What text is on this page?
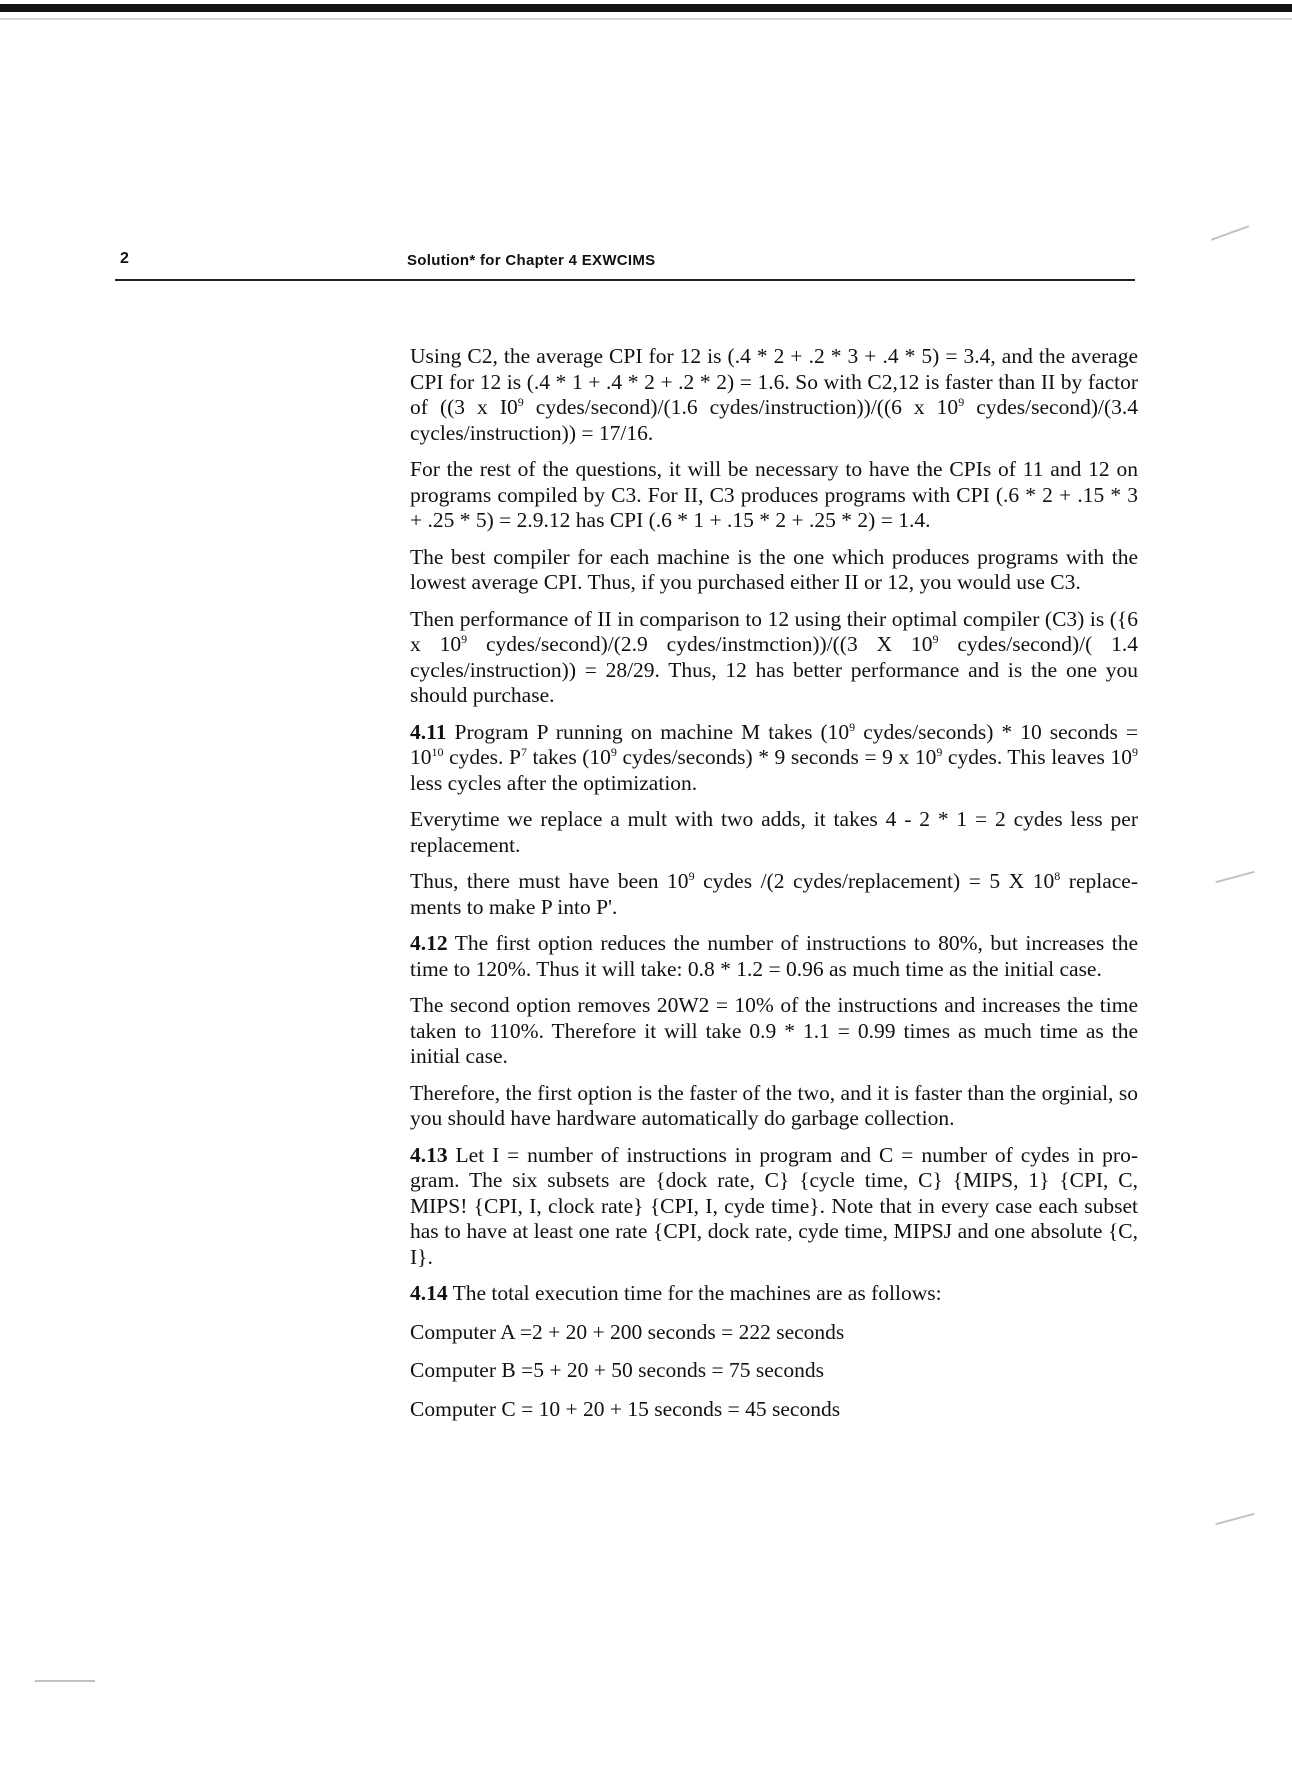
2	Solution* for Chapter 4 EXWCIMS

Using C2, the average CPI for 12 is (.4 * 2 + .2 * 3 + .4 * 5) = 3.4, and the average CPI for 12 is (.4 * 1 + .4 * 2 + .2 * 2) = 1.6. So with C2,12 is faster than II by factor of ((3 x $I0^9$ cydes/second)/(1.6 cydes/instruction))/((6 x $10^9$ cydes/second)/(3.4 cycles/instruction)) = 17/16.

For the rest of the questions, it will be necessary to have the CPIs of 11 and 12 on programs compiled by C3. For II, C3 produces programs with CPI (.6 * 2 + .15 * 3 + .25 * 5) = 2.9.12 has CPI (.6 * 1 + .15 * 2 + .25 * 2) = 1.4.

The best compiler for each machine is the one which produces programs with the lowest average CPI. Thus, if you purchased either II or 12, you would use C3.

Then performance of II in comparison to 12 using their optimal compiler (C3) is ({6 x $10^9$ cydes/second)/(2.9 cydes/instmction))/((3 X $10^9$ cydes/second)/( 1.4 cycles/instruction)) = 28/29. Thus, 12 has better performance and is the one you should purchase.

4.11 Program P running on machine M takes ($10^9$ cydes/seconds) * 10 seconds = $10^{10}$ cydes. $P^7$ takes ($10^9$ cydes/seconds) * 9 seconds = 9 x $10^9$ cydes. This leaves $10^9$ less cycles after the optimization.

Everytime we replace a mult with two adds, it takes 4 - 2 * 1 = 2 cydes less per replacement.

Thus, there must have been $10^9$ cydes /(2 cydes/replacement) = 5 X $10^8$ replace-ments to make P into P'.

4.12 The first option reduces the number of instructions to 80%, but increases the time to 120%. Thus it will take: 0.8 * 1.2 = 0.96 as much time as the initial case.

The second option removes 20W2 = 10% of the instructions and increases the time taken to 110%. Therefore it will take 0.9 * 1.1 = 0.99 times as much time as the initial case.

Therefore, the first option is the faster of the two, and it is faster than the orginial, so you should have hardware automatically do garbage collection.

4.13 Let I = number of instructions in program and C = number of cydes in pro-gram. The six subsets are {dock rate, C} {cycle time, C} {MIPS, 1} {CPI, C, MIPS! {CPI, I, clock rate} {CPI, I, cyde time}. Note that in every case each subset has to have at least one rate {CPI, dock rate, cyde time, MIPSJ and one absolute {C, I}.

4.14 The total execution time for the machines are as follows:

Computer A =2 + 20 + 200 seconds = 222 seconds

Computer B =5 + 20 + 50 seconds = 75 seconds

Computer C = 10 + 20 + 15 seconds = 45 seconds
